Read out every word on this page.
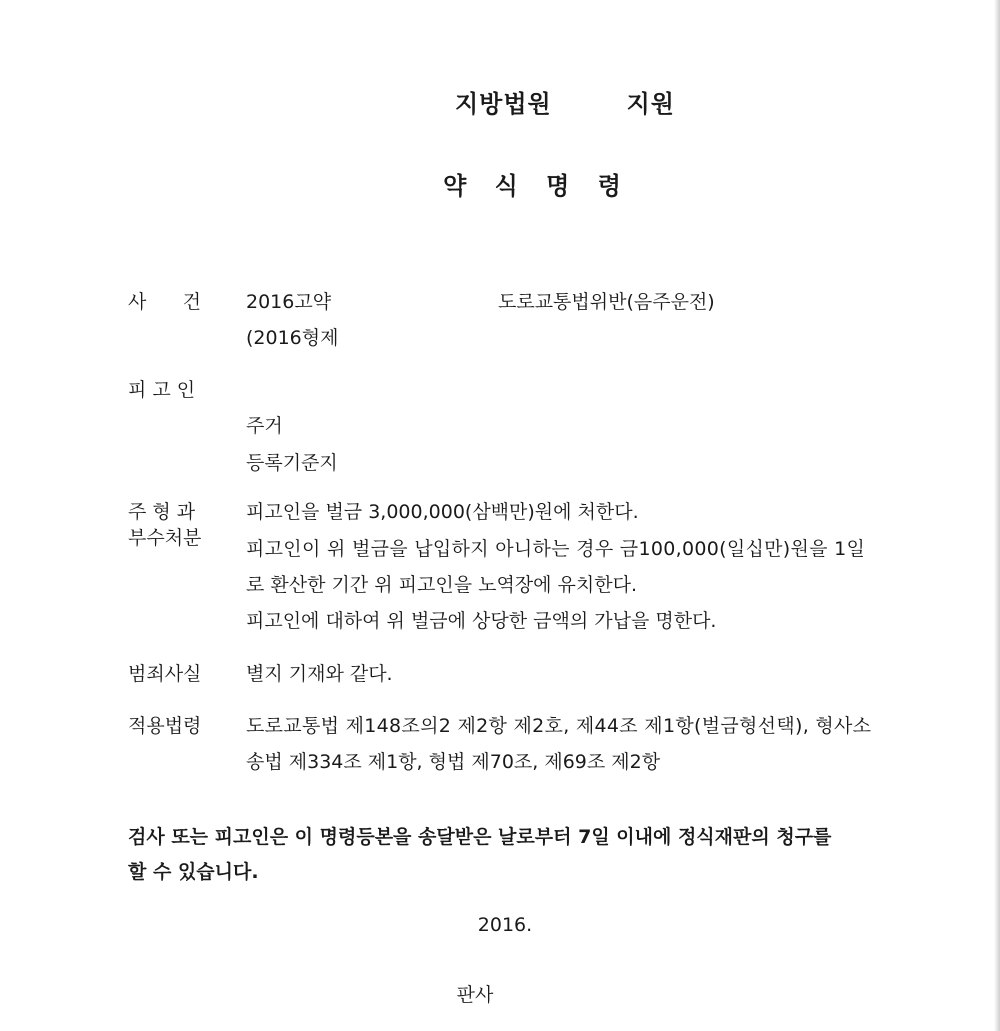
지방법원        지원
약 식 명 령
사      건 2016고약	도로교통법위반(음주운전)
(2016형제
피 고 인
주거
등록기준지
주 형 과
부수처분
피고인을 벌금 3,000,000(삼백만)원에 처한다.
피고인이 위 벌금을 납입하지 아니하는 경우 금100,000(일십만)원을 1일
로 환산한 기간 위 피고인을 노역장에 유치한다.
피고인에 대하여 위 벌금에 상당한 금액의 가납을 명한다.
범죄사실 별지 기재와 같다.
적용법령 도로교통법 제148조의2 제2항 제2호, 제44조 제1항(벌금형선택), 형사소
송법 제334조 제1항, 형법 제70조, 제69조 제2항
검사 또는 피고인은 이 명령등본을 송달받은 날로부터 7일 이내에 정식재판의 청구를
할 수 있습니다.
2016.
판사
